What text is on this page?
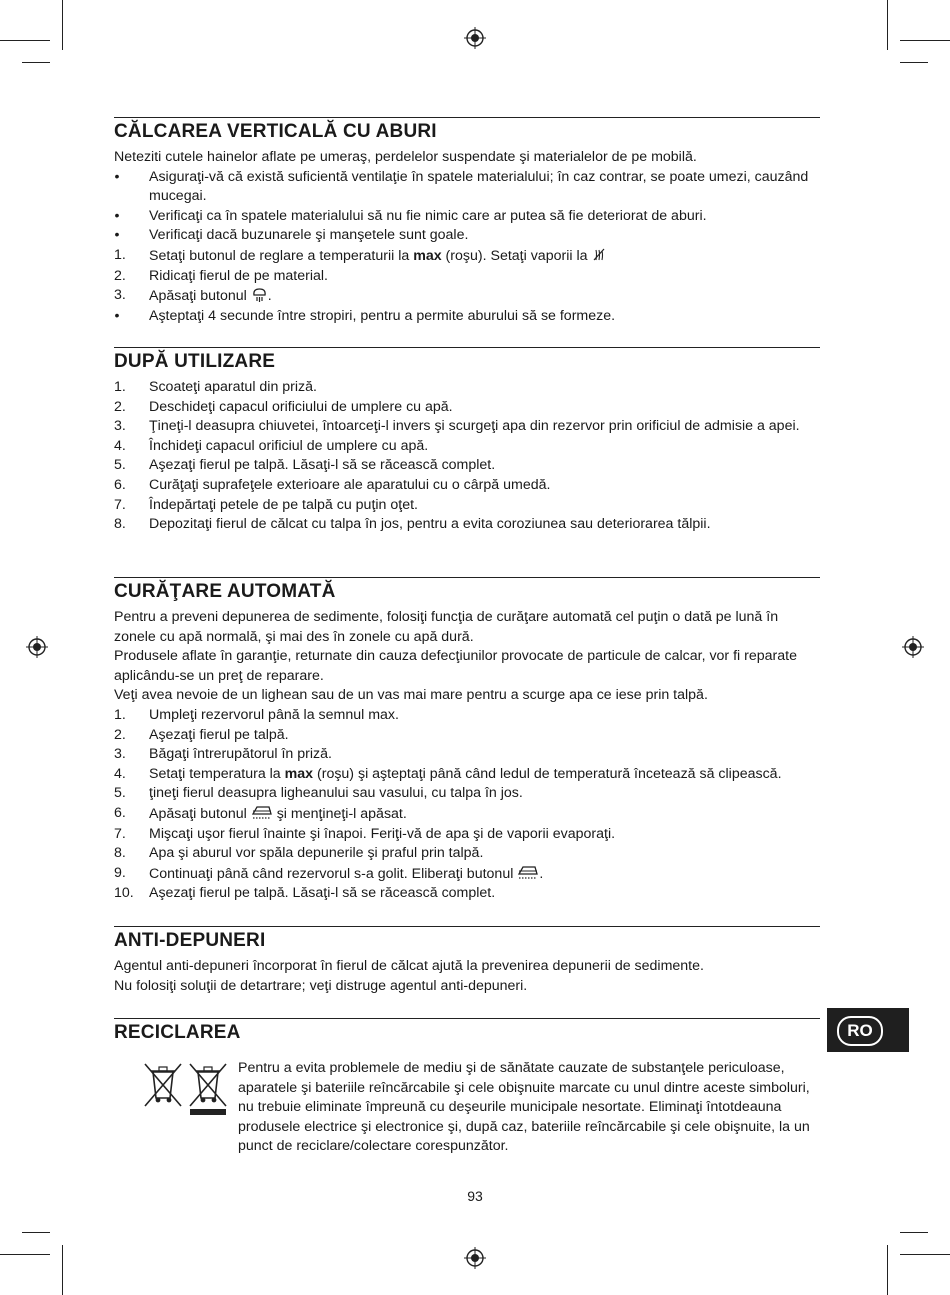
CĂLCAREA VERTICALĂ CU ABURI

Neteziti cutele hainelor aflate pe umeraş, perdelelor suspendate şi materialelor de pe mobilă.

• Asiguraţi-vă că există suficientă ventilaţie în spatele materialului; în caz contrar, se poate umezi, cauzând mucegai.
• Verificaţi ca în spatele materialului să nu fie nimic care ar putea să fie deteriorat de aburi.
• Verificaţi dacă buzunarele şi manşetele sunt goale.
1.	Setaţi butonul de reglare a temperaturii la max (roşu). Setaţi vaporii la
2.	Ridicaţi fierul de pe material.
3.	Apăsaţi butonul .
• Aşteptaţi 4 secunde între stropiri, pentru a permite aburului să se formeze.
DUPĂ UTILIZARE
1.	Scoateţi aparatul din priză.
2.	Deschideţi capacul orificiului de umplere cu apă.
3.	Ţineţi-l deasupra chiuvetei, întoarceţi-l invers şi scurgeţi apa din rezervor prin orificiul de admisie a apei.
4.	Închideţi capacul orificiul de umplere cu apă.
5.	Aşezaţi fierul pe talpă. Lăsaţi-l să se răcească complet.
6.	Curăţaţi suprafeţele exterioare ale aparatului cu o cârpă umedă.
7.	Îndepărtaţi petele de pe talpă cu puţin oţet.
8.	Depozitaţi fierul de călcat cu talpa în jos, pentru a evita coroziunea sau deteriorarea tălpii.
CURĂŢARE AUTOMATĂ

Pentru a preveni depunerea de sedimente, folosiţi funcţia de curăţare automată cel puţin o dată pe lună în zonele cu apă normală, şi mai des în zonele cu apă dură.

Produsele aflate în garanţie, returnate din cauza defecţiunilor provocate de particule de calcar, vor fi reparate aplicându-se un preţ de reparare.

Veţi avea nevoie de un lighean sau de un vas mai mare pentru a scurge apa ce iese prin talpă.

1.	Umpleţi rezervorul până la semnul max.
2.	Aşezaţi fierul pe talpă.
3.	Băgaţi întrerupătorul în priză.
4.	Setaţi temperatura la max (roşu) şi aşteptaţi până când ledul de temperatură încetează să clipească.
5.	ţineţi fierul deasupra ligheanului sau vasului, cu talpa în jos.
6.	Apăsaţi butonul  şi menţineţi-l apăsat.
7.	Mişcaţi uşor fierul înainte şi înapoi. Feriţi-vă de apa şi de vaporii evaporaţi.
8.	Apa şi aburul vor spăla depunerile şi praful prin talpă.
9.	Continuaţi până când rezervorul s-a golit. Eliberaţi butonul .
10.	Aşezaţi fierul pe talpă. Lăsaţi-l să se răcească complet.
ANTI-DEPUNERI

Agentul anti-depuneri încorporat în fierul de călcat ajută la prevenirea depunerii de sedimente.

Nu folosiţi soluţii de detartrare; veţi distruge agentul anti-depuneri.

RECICLAREA

Pentru a evita problemele de mediu şi de sănătate cauzate de substanţele periculoase, aparatele şi bateriile reîncărcabile şi cele obişnuite marcate cu unul dintre aceste simboluri, nu trebuie eliminate împreună cu deşeurile municipale nesortate. Eliminaţi întotdeauna produsele electrice şi electronice şi, după caz, bateriile reîncărcabile şi cele obişnuite, la un punct de reciclare/colectare corespunzător.

RO
93
